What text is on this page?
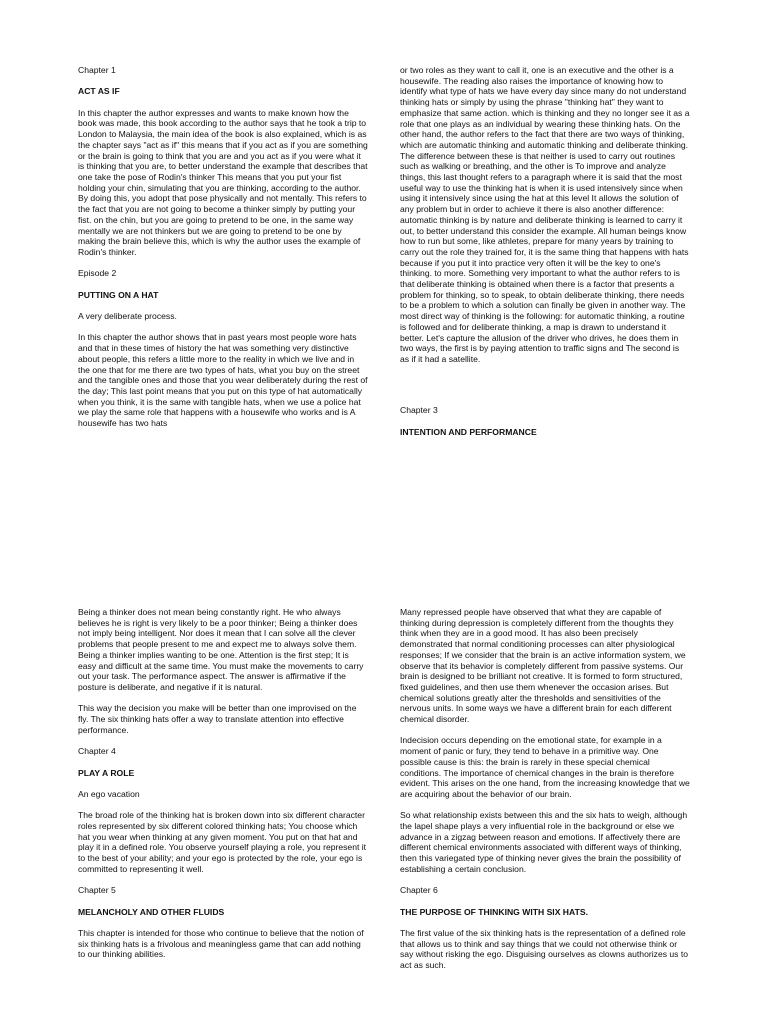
Chapter 1

ACT AS IF

In this chapter the author expresses and wants to make known how the book was made, this book according to the author says that he took a trip to London to Malaysia, the main idea of the book is also explained, which is as the chapter says "act as if" this means that if you act as if you are something or the brain is going to think that you are and you act as if you were what it is thinking that you are, to better understand the example that describes that one take the pose of Rodin's thinker This means that you put your fist holding your chin, simulating that you are thinking, according to the author. By doing this, you adopt that pose physically and not mentally. This refers to the fact that you are not going to become a thinker simply by putting your fist. on the chin, but you are going to pretend to be one, in the same way mentally we are not thinkers but we are going to pretend to be one by making the brain believe this, which is why the author uses the example of Rodin's thinker.

Episode 2

PUTTING ON A HAT

A very deliberate process.

In this chapter the author shows that in past years most people wore hats and that in these times of history the hat was something very distinctive about people, this refers a little more to the reality in which we live and in the one that for me there are two types of hats, what you buy on the street and the tangible ones and those that you wear deliberately during the rest of the day; This last point means that you put on this type of hat automatically when you think, it is the same with tangible hats, when we use a police hat we play the same role that happens with a housewife who works and is A housewife has two hats

or two roles as they want to call it, one is an executive and the other is a housewife. The reading also raises the importance of knowing how to identify what type of hats we have every day since many do not understand thinking hats or simply by using the phrase "thinking hat" they want to emphasize that same action. which is thinking and they no longer see it as a role that one plays as an individual by wearing these thinking hats. On the other hand, the author refers to the fact that there are two ways of thinking, which are automatic thinking and automatic thinking and deliberate thinking. The difference between these is that neither is used to carry out routines such as walking or breathing, and the other is To improve and analyze things, this last thought refers to a paragraph where it is said that the most useful way to use the thinking hat is when it is used intensively since when using it intensively since using the hat at this level It allows the solution of any problem but in order to achieve it there is also another difference: automatic thinking is by nature and deliberate thinking is learned to carry it out, to better understand this consider the example. All human beings know how to run but some, like athletes, prepare for many years by training to carry out the role they trained for, it is the same thing that happens with hats because if you put it into practice very often it will be the key to one's thinking. to more. Something very important to what the author refers to is that deliberate thinking is obtained when there is a factor that presents a problem for thinking, so to speak, to obtain deliberate thinking, there needs to be a problem to which a solution can finally be given in another way. The most direct way of thinking is the following: for automatic thinking, a routine is followed and for deliberate thinking, a map is drawn to understand it better. Let's capture the allusion of the driver who drives, he does them in two ways, the first is by paying attention to traffic signs and The second is as if it had a satellite.

Chapter 3

INTENTION AND PERFORMANCE

Being a thinker does not mean being constantly right. He who always believes he is right is very likely to be a poor thinker; Being a thinker does not imply being intelligent. Nor does it mean that I can solve all the clever problems that people present to me and expect me to always solve them. Being a thinker implies wanting to be one. Attention is the first step; It is easy and difficult at the same time. You must make the movements to carry out your task. The performance aspect. The answer is affirmative if the posture is deliberate, and negative if it is natural.

This way the decision you make will be better than one improvised on the fly. The six thinking hats offer a way to translate attention into effective performance.

Chapter 4

PLAY A ROLE

An ego vacation

The broad role of the thinking hat is broken down into six different character roles represented by six different colored thinking hats; You choose which hat you wear when thinking at any given moment. You put on that hat and play it in a defined role. You observe yourself playing a role, you represent it to the best of your ability; and your ego is protected by the role, your ego is committed to representing it well.

Chapter 5

MELANCHOLY AND OTHER FLUIDS

This chapter is intended for those who continue to believe that the notion of six thinking hats is a frivolous and meaningless game that can add nothing to our thinking abilities.

Many repressed people have observed that what they are capable of thinking during depression is completely different from the thoughts they think when they are in a good mood. It has also been precisely demonstrated that normal conditioning processes can alter physiological responses; If we consider that the brain is an active information system, we observe that its behavior is completely different from passive systems. Our brain is designed to be brilliant not creative. It is formed to form structured, fixed guidelines, and then use them whenever the occasion arises. But chemical solutions greatly alter the thresholds and sensitivities of the nervous units. In some ways we have a different brain for each different chemical disorder.

Indecision occurs depending on the emotional state, for example in a moment of panic or fury, they tend to behave in a primitive way. One possible cause is this: the brain is rarely in these special chemical conditions. The importance of chemical changes in the brain is therefore evident. This arises on the one hand, from the increasing knowledge that we are acquiring about the behavior of our brain.

So what relationship exists between this and the six hats to weigh, although the lapel shape plays a very influential role in the background or else we advance in a zigzag between reason and emotions. If affectively there are different chemical environments associated with different ways of thinking, then this variegated type of thinking never gives the brain the possibility of establishing a certain conclusion.

Chapter 6

THE PURPOSE OF THINKING WITH SIX HATS.

The first value of the six thinking hats is the representation of a defined role that allows us to think and say things that we could not otherwise think or say without risking the ego. Disguising ourselves as clowns authorizes us to act as such.
